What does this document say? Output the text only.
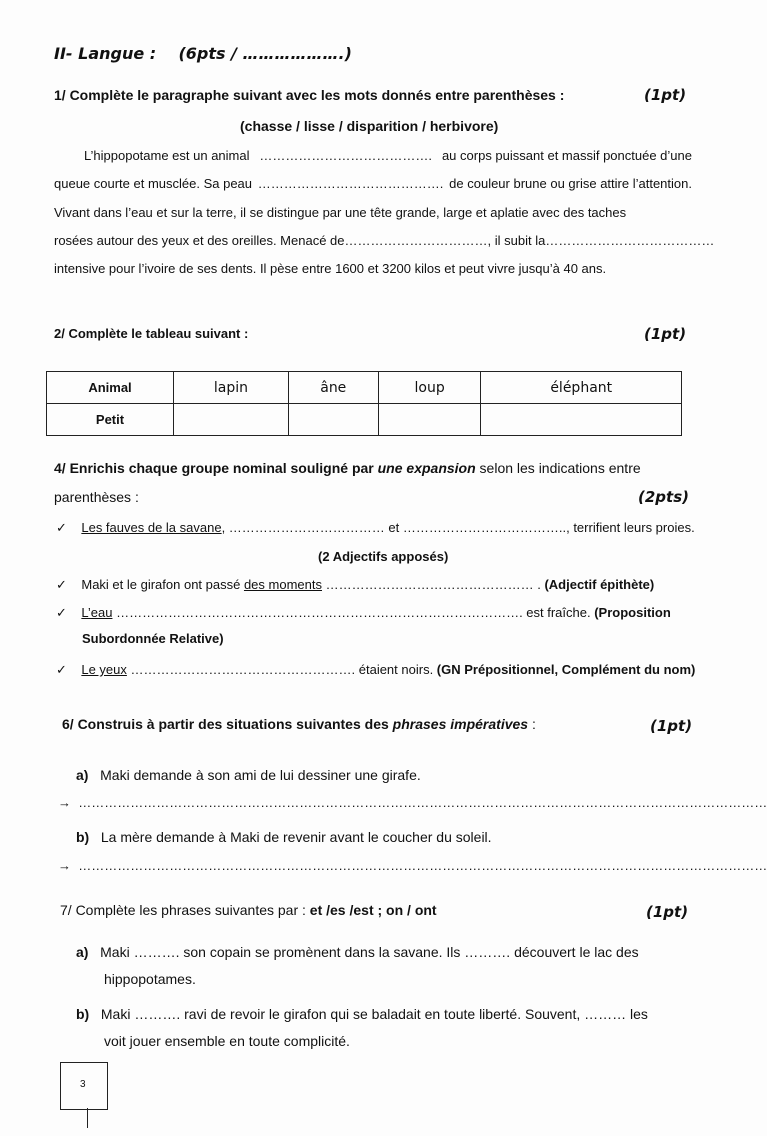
II- Langue : (6pts / ……………….)
1/ Complète le paragraphe suivant avec les mots donnés entre parenthèses :	(1pt)
(chasse / lisse / disparition / herbivore)
L’hippopotame est un animal …………………………………. au corps puissant et massif ponctuée d’une
queue courte et musclée. Sa peau ……………………………………. de couleur brune ou grise attire l’attention.
Vivant dans l’eau et sur la terre, il se distingue par une tête grande, large et aplatie avec des taches
rosées autour des yeux et des oreilles. Menacé de …………………………… , il subit la …………………………………
intensive pour l’ivoire de ses dents. Il pèse entre 1600 et 3200 kilos et peut vivre jusqu’à 40 ans.
2/ Complète le tableau suivant :	(1pt)
Animal	lapin	âne	loup	éléphant
Petit				
4/ Enrichis chaque groupe nominal souligné par une expansion selon les indications entre
parenthèses :	(2pts)
✓ Les fauves de la savane, ……………………………… et ……………………………….., terrifient leurs proies.
(2 Adjectifs apposés)
✓ Maki et le girafon ont passé des moments ………………………………………… . (Adjectif épithète)
✓ L’eau …………………………………………………………………………………. est fraîche. (Proposition
Subordonnée Relative)
✓ Le yeux ……………………………………………. étaient noirs. (GN Prépositionnel, Complément du nom)
6/ Construis à partir des situations suivantes des phrases impératives :	(1pt)
a) Maki demande à son ami de lui dessiner une girafe.
→ ……………………………………………………………………………………………………………………………………………
b) La mère demande à Maki de revenir avant le coucher du soleil.
→ ……………………………………………………………………………………………………………………………………………
7/ Complète les phrases suivantes par : et /es /est ; on / ont	(1pt)
a) Maki ………. son copain se promènent dans la savane. Ils ………. découvert le lac des
hippopotames.
b) Maki ………. ravi de revoir le girafon qui se baladait en toute liberté. Souvent, ……… les
voit jouer ensemble en toute complicité.
3
